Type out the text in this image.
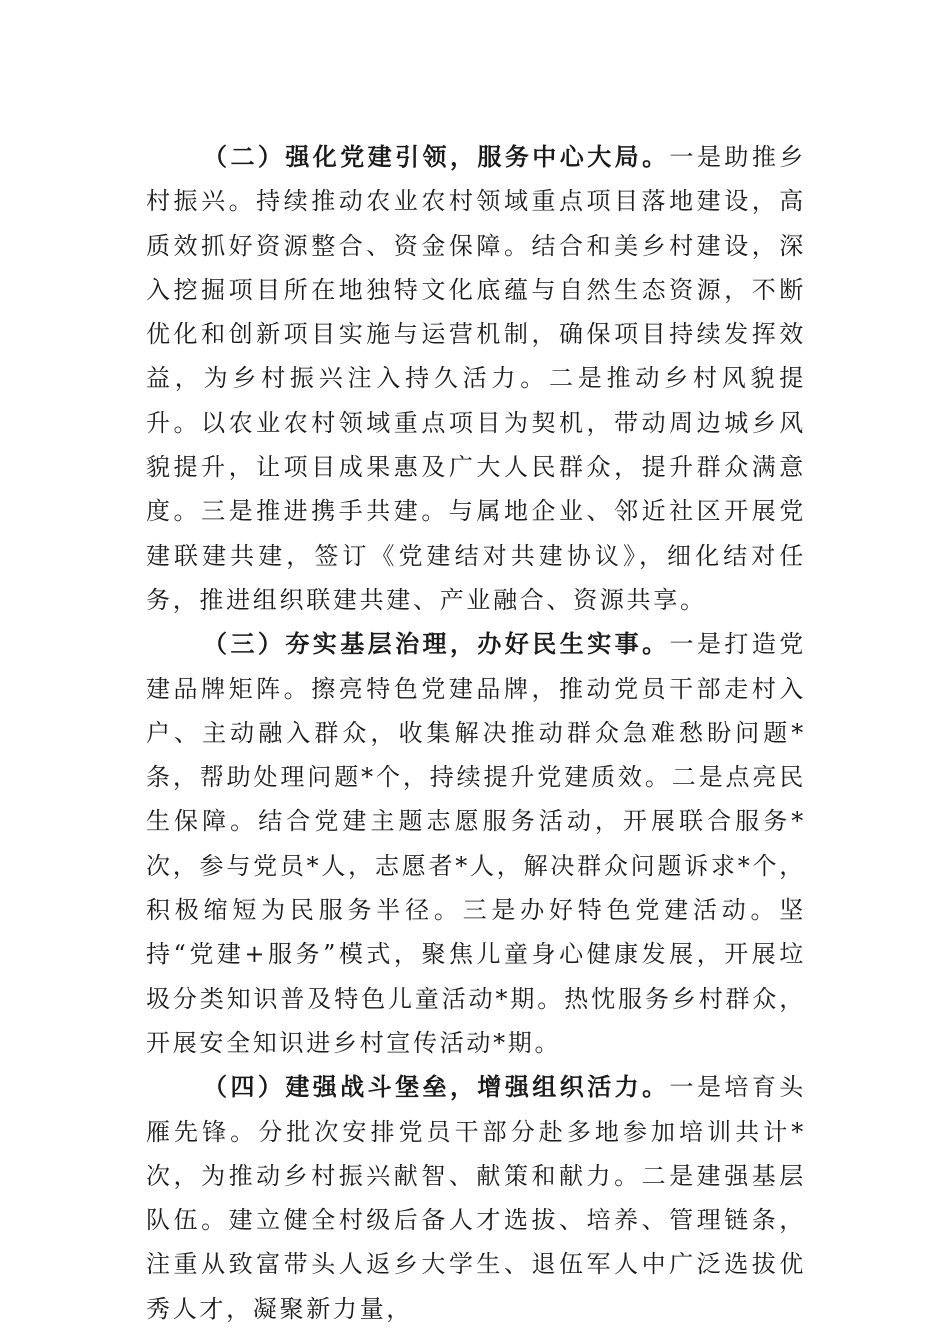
（二）强化党建引领，服务中心大局。一是助推乡村振兴。持续推动农业农村领域重点项目落地建设，高质效抓好资源整合、资金保障。结合和美乡村建设，深入挖掘项目所在地独特文化底蕴与自然生态资源，不断优化和创新项目实施与运营机制，确保项目持续发挥效益，为乡村振兴注入持久活力。二是推动乡村风貌提升。以农业农村领域重点项目为契机，带动周边城乡风貌提升，让项目成果惠及广大人民群众，提升群众满意度。三是推进携手共建。与属地企业、邻近社区开展党建联建共建，签订《党建结对共建协议》，细化结对任务，推进组织联建共建、产业融合、资源共享。

（三）夯实基层治理，办好民生实事。一是打造党建品牌矩阵。擦亮特色党建品牌，推动党员干部走村入户、主动融入群众，收集解决推动群众急难愁盼问题*条，帮助处理问题*个，持续提升党建质效。二是点亮民生保障。结合党建主题志愿服务活动，开展联合服务*次，参与党员*人，志愿者*人，解决群众问题诉求*个，积极缩短为民服务半径。三是办好特色党建活动。坚持“党建+服务”模式，聚焦儿童身心健康发展，开展垃圾分类知识普及特色儿童活动*期。热忱服务乡村群众，开展安全知识进乡村宣传活动*期。

（四）建强战斗堡垒，增强组织活力。一是培育头雁先锋。分批次安排党员干部分赴多地参加培训共计*次，为推动乡村振兴献智、献策和献力。二是建强基层队伍。建立健全村级后备人才选拔、培养、管理链条，注重从致富带头人返乡大学生、退伍军人中广泛选拔优秀人才，凝聚新力量，
